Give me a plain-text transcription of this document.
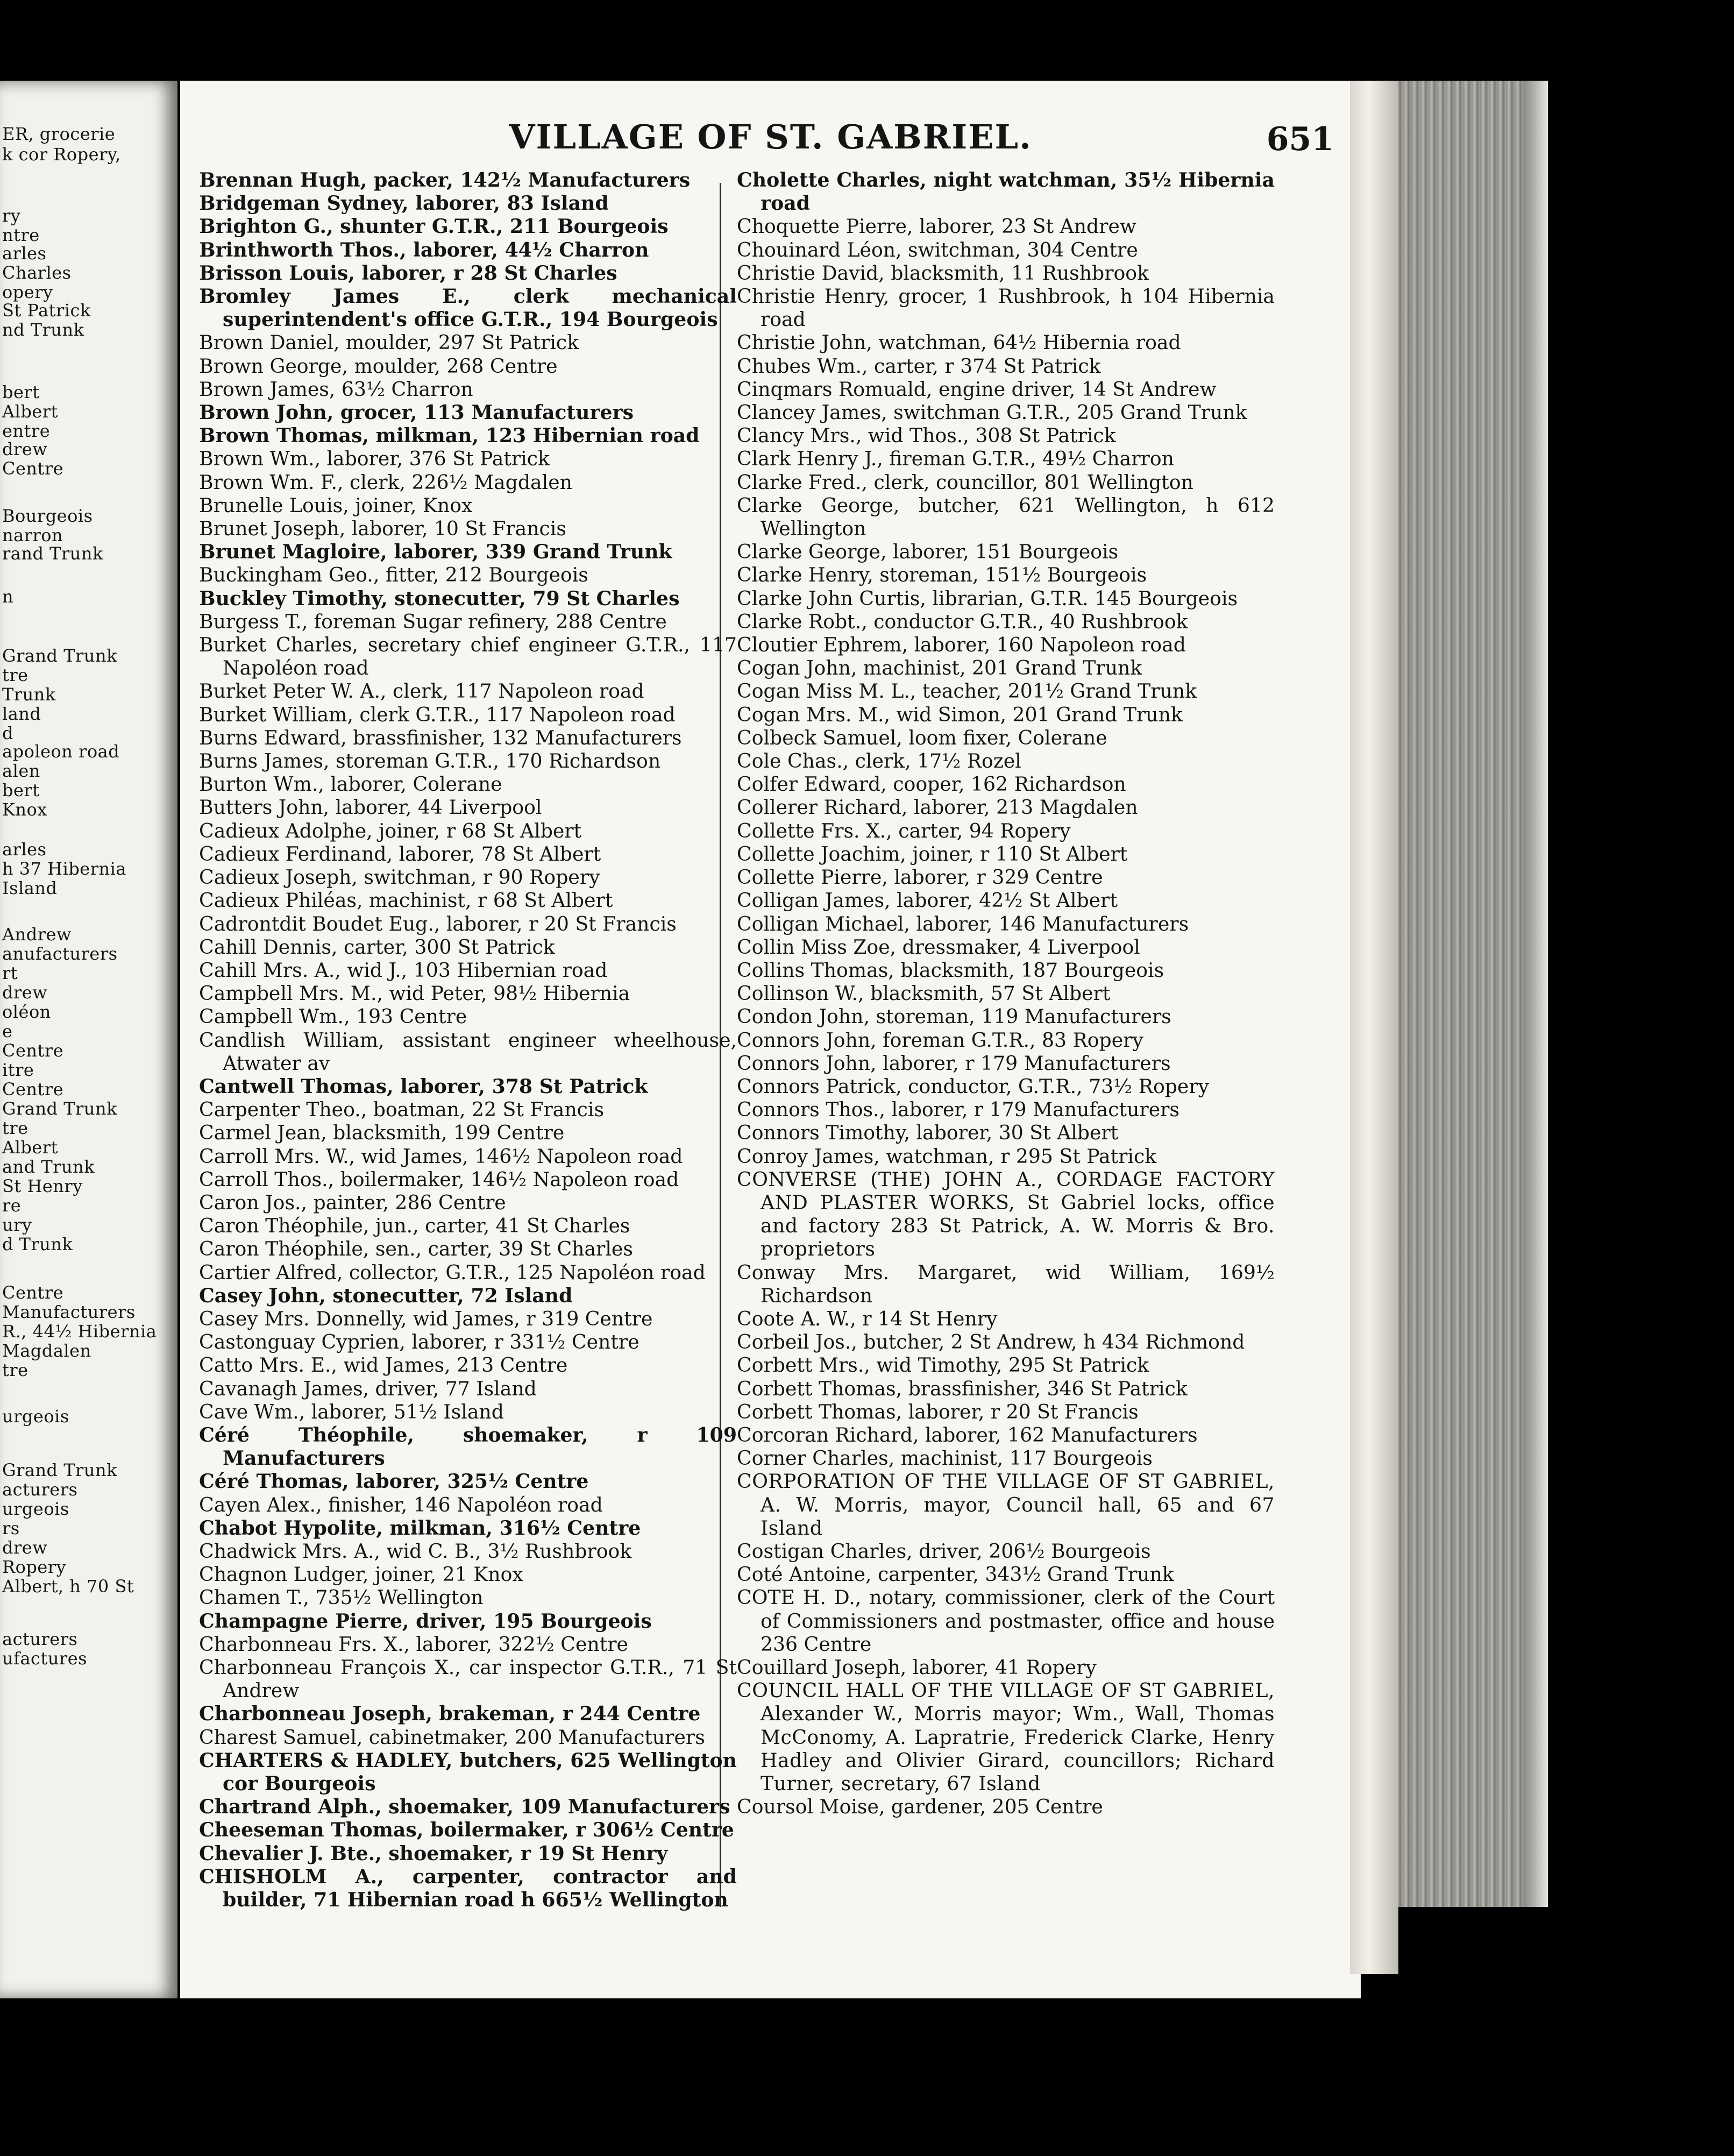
ER, grocerie
k cor Ropery,
ry
ntre
arles
Charles
opery
St Patrick
nd Trunk
bert
Albert
entre
drew
Centre
Bourgeois
narron
rand Trunk
n
Grand Trunk
tre
Trunk
land
d
apoleon road
alen
bert
Knox
arles
h 37 Hibernia
Island
Andrew
anufacturers
rt
drew
oléon
e
Centre
itre
Centre
Grand Trunk
tre
Albert
and Trunk
St Henry
re
ury
d Trunk
Centre
Manufacturers
R., 44½ Hibernia
Magdalen
tre
urgeois
Grand Trunk
acturers
urgeois
rs
drew
Ropery
Albert, h 70 St
acturers
ufactures
VILLAGE OF ST. GABRIEL.	651

Brennan Hugh, packer, 142½ Manufacturers

Bridgeman Sydney, laborer, 83 Island

Brighton G., shunter G.T.R., 211 Bourgeois

Brinthworth Thos., laborer, 44½ Charron

Brisson Louis, laborer, r 28 St Charles

Bromley James E., clerk mechanical superintendent's office G.T.R., 194 Bourgeois

Brown Daniel, moulder, 297 St Patrick

Brown George, moulder, 268 Centre

Brown James, 63½ Charron

Brown John, grocer, 113 Manufacturers

Brown Thomas, milkman, 123 Hibernian road

Brown Wm., laborer, 376 St Patrick

Brown Wm. F., clerk, 226½ Magdalen

Brunelle Louis, joiner, Knox

Brunet Joseph, laborer, 10 St Francis

Brunet Magloire, laborer, 339 Grand Trunk

Buckingham Geo., fitter, 212 Bourgeois

Buckley Timothy, stonecutter, 79 St Charles

Burgess T., foreman Sugar refinery, 288 Centre

Burket Charles, secretary chief engineer G.T.R., 117 Napoléon road

Burket Peter W. A., clerk, 117 Napoleon road

Burket William, clerk G.T.R., 117 Napoleon road

Burns Edward, brassfinisher, 132 Manufacturers

Burns James, storeman G.T.R., 170 Richardson

Burton Wm., laborer, Colerane

Butters John, laborer, 44 Liverpool

Cadieux Adolphe, joiner, r 68 St Albert

Cadieux Ferdinand, laborer, 78 St Albert

Cadieux Joseph, switchman, r 90 Ropery

Cadieux Philéas, machinist, r 68 St Albert

Cadrontdit Boudet Eug., laborer, r 20 St Francis

Cahill Dennis, carter, 300 St Patrick

Cahill Mrs. A., wid J., 103 Hibernian road

Campbell Mrs. M., wid Peter, 98½ Hibernia

Campbell Wm., 193 Centre

Candlish William, assistant engineer wheelhouse, Atwater av

Cantwell Thomas, laborer, 378 St Patrick

Carpenter Theo., boatman, 22 St Francis

Carmel Jean, blacksmith, 199 Centre

Carroll Mrs. W., wid James, 146½ Napoleon road

Carroll Thos., boilermaker, 146½ Napoleon road

Caron Jos., painter, 286 Centre

Caron Théophile, jun., carter, 41 St Charles

Caron Théophile, sen., carter, 39 St Charles

Cartier Alfred, collector, G.T.R., 125 Napoléon road

Casey John, stonecutter, 72 Island

Casey Mrs. Donnelly, wid James, r 319 Centre

Castonguay Cyprien, laborer, r 331½ Centre

Catto Mrs. E., wid James, 213 Centre

Cavanagh James, driver, 77 Island

Cave Wm., laborer, 51½ Island

Céré Théophile, shoemaker, r 109 Manufacturers

Céré Thomas, laborer, 325½ Centre

Cayen Alex., finisher, 146 Napoléon road

Chabot Hypolite, milkman, 316½ Centre

Chadwick Mrs. A., wid C. B., 3½ Rushbrook

Chagnon Ludger, joiner, 21 Knox

Chamen T., 735½ Wellington

Champagne Pierre, driver, 195 Bourgeois

Charbonneau Frs. X., laborer, 322½ Centre

Charbonneau François X., car inspector G.T.R., 71 St Andrew

Charbonneau Joseph, brakeman, r 244 Centre

Charest Samuel, cabinetmaker, 200 Manufacturers

CHARTERS & HADLEY, butchers, 625 Wellington cor Bourgeois

Chartrand Alph., shoemaker, 109 Manufacturers

Cheeseman Thomas, boilermaker, r 306½ Centre

Chevalier J. Bte., shoemaker, r 19 St Henry

CHISHOLM A., carpenter, contractor and builder, 71 Hibernian road h 665½ Wellington

Cholette Charles, night watchman, 35½ Hibernia road

Choquette Pierre, laborer, 23 St Andrew

Chouinard Léon, switchman, 304 Centre

Christie David, blacksmith, 11 Rushbrook

Christie Henry, grocer, 1 Rushbrook, h 104 Hibernia road

Christie John, watchman, 64½ Hibernia road

Chubes Wm., carter, r 374 St Patrick

Cinqmars Romuald, engine driver, 14 St Andrew

Clancey James, switchman G.T.R., 205 Grand Trunk

Clancy Mrs., wid Thos., 308 St Patrick

Clark Henry J., fireman G.T.R., 49½ Charron

Clarke Fred., clerk, councillor, 801 Wellington

Clarke George, butcher, 621 Wellington, h 612 Wellington

Clarke George, laborer, 151 Bourgeois

Clarke Henry, storeman, 151½ Bourgeois

Clarke John Curtis, librarian, G.T.R. 145 Bourgeois

Clarke Robt., conductor G.T.R., 40 Rushbrook

Cloutier Ephrem, laborer, 160 Napoleon road

Cogan John, machinist, 201 Grand Trunk

Cogan Miss M. L., teacher, 201½ Grand Trunk

Cogan Mrs. M., wid Simon, 201 Grand Trunk

Colbeck Samuel, loom fixer, Colerane

Cole Chas., clerk, 17½ Rozel

Colfer Edward, cooper, 162 Richardson

Collerer Richard, laborer, 213 Magdalen

Collette Frs. X., carter, 94 Ropery

Collette Joachim, joiner, r 110 St Albert

Collette Pierre, laborer, r 329 Centre

Colligan James, laborer, 42½ St Albert

Colligan Michael, laborer, 146 Manufacturers

Collin Miss Zoe, dressmaker, 4 Liverpool

Collins Thomas, blacksmith, 187 Bourgeois

Collinson W., blacksmith, 57 St Albert

Condon John, storeman, 119 Manufacturers

Connors John, foreman G.T.R., 83 Ropery

Connors John, laborer, r 179 Manufacturers

Connors Patrick, conductor, G.T.R., 73½ Ropery

Connors Thos., laborer, r 179 Manufacturers

Connors Timothy, laborer, 30 St Albert

Conroy James, watchman, r 295 St Patrick

CONVERSE (THE) JOHN A., CORDAGE FACTORY AND PLASTER WORKS, St Gabriel locks, office and factory 283 St Patrick, A. W. Morris & Bro. proprietors

Conway Mrs. Margaret, wid William, 169½ Richardson

Coote A. W., r 14 St Henry

Corbeil Jos., butcher, 2 St Andrew, h 434 Richmond

Corbett Mrs., wid Timothy, 295 St Patrick

Corbett Thomas, brassfinisher, 346 St Patrick

Corbett Thomas, laborer, r 20 St Francis

Corcoran Richard, laborer, 162 Manufacturers

Corner Charles, machinist, 117 Bourgeois

CORPORATION OF THE VILLAGE OF ST GABRIEL, A. W. Morris, mayor, Council hall, 65 and 67 Island

Costigan Charles, driver, 206½ Bourgeois

Coté Antoine, carpenter, 343½ Grand Trunk

COTE H. D., notary, commissioner, clerk of the Court of Commissioners and postmaster, office and house 236 Centre

Couillard Joseph, laborer, 41 Ropery

COUNCIL HALL OF THE VILLAGE OF ST GABRIEL, Alexander W., Morris mayor; Wm., Wall, Thomas McConomy, A. Lapratrie, Frederick Clarke, Henry Hadley and Olivier Girard, councillors; Richard Turner, secretary, 67 Island

Coursol Moise, gardener, 205 Centre
